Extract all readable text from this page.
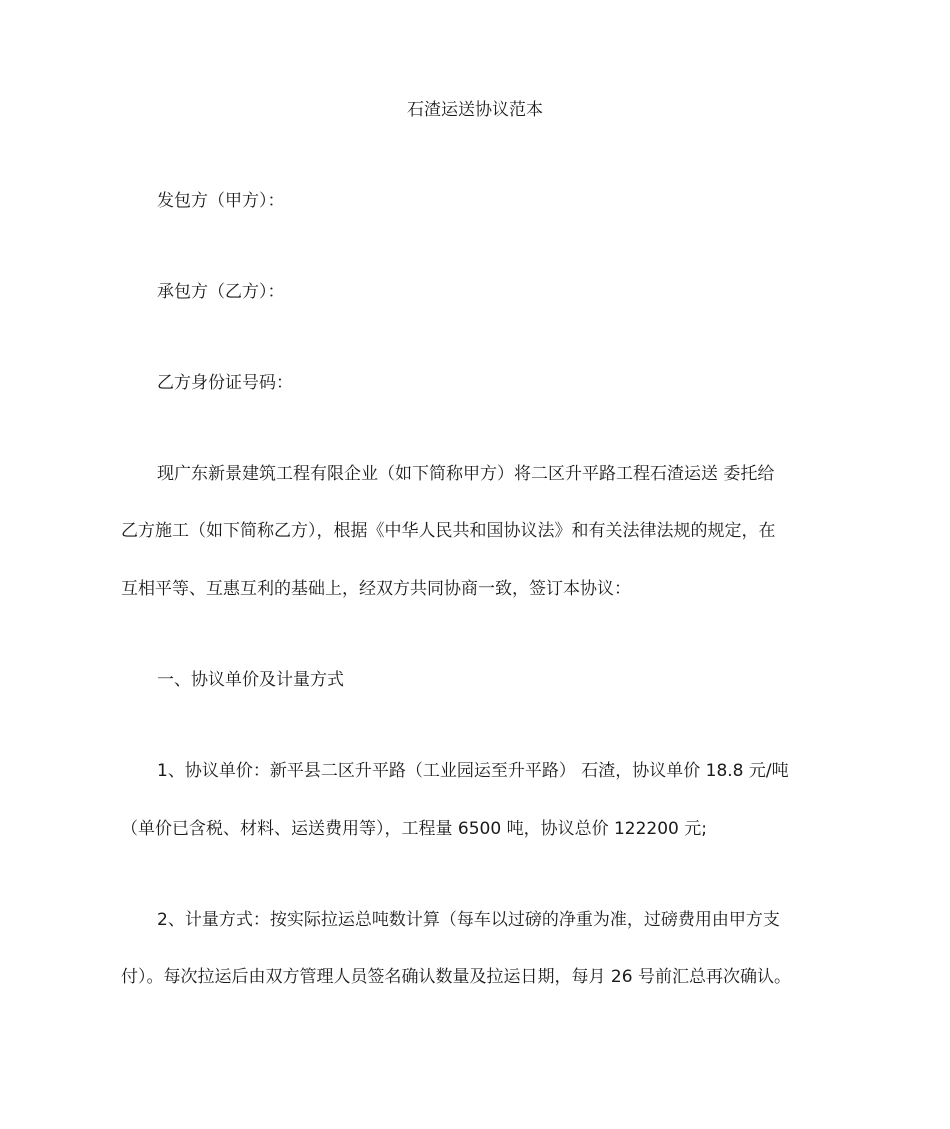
石渣运送协议范本
发包方（甲方）：
承包方（乙方）：
乙方身份证号码：
现广东新景建筑工程有限企业（如下简称甲方）将二区升平路工程石渣运送 委托给
乙方施工（如下简称乙方），根据《中华人民共和国协议法》和有关法律法规的规定，在
互相平等、互惠互利的基础上，经双方共同协商一致，签订本协议：
一、协议单价及计量方式
1、协议单价：新平县二区升平路（工业园运至升平路） 石渣，协议单价 18.8 元/吨
（单价已含税、材料、运送费用等），工程量 6500 吨，协议总价 122200 元;
2、计量方式：按实际拉运总吨数计算（每车以过磅的净重为准，过磅费用由甲方支
付）。每次拉运后由双方管理人员签名确认数量及拉运日期，每月 26 号前汇总再次确认。
